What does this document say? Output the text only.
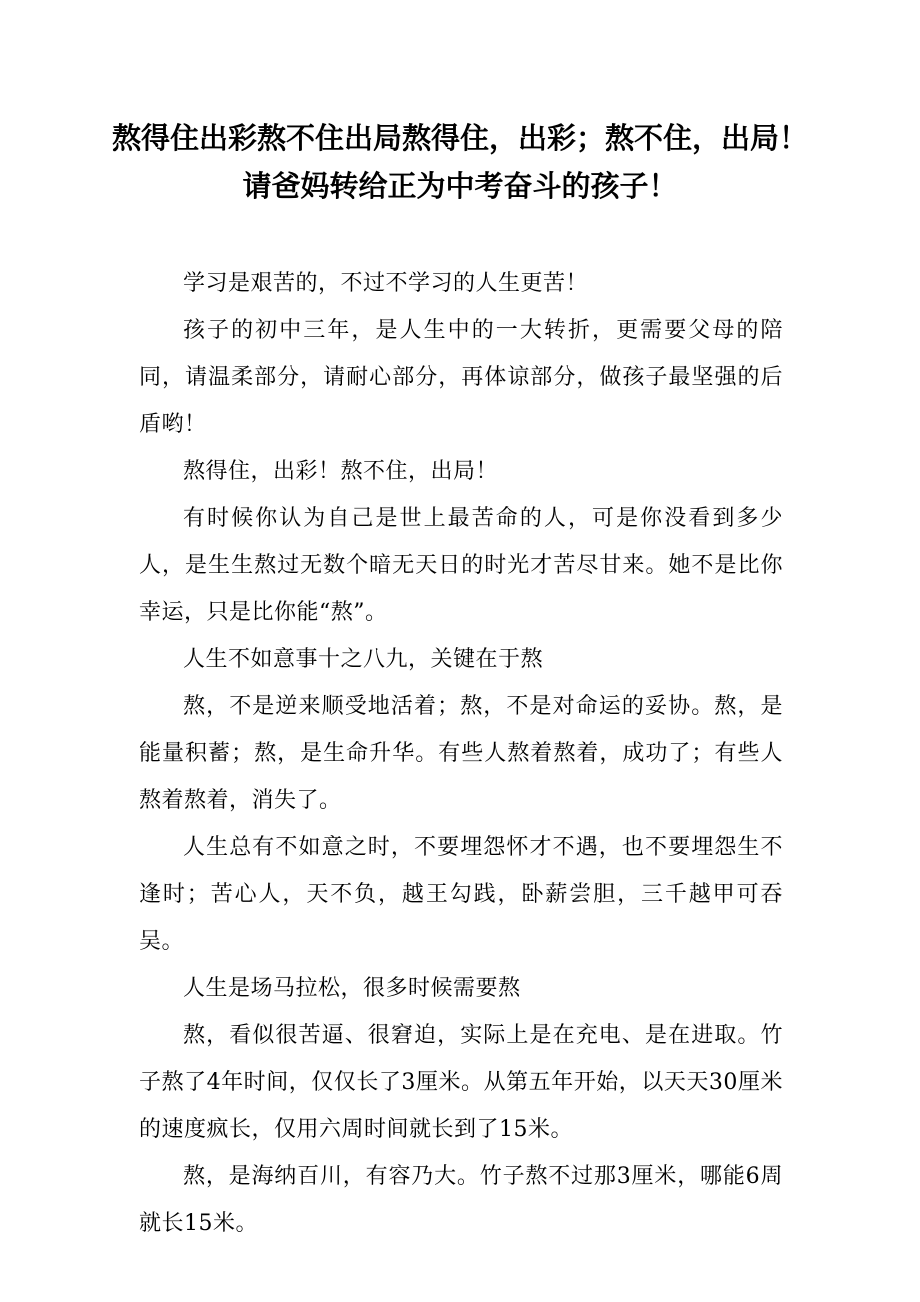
熬得住出彩熬不住出局熬得住，出彩；熬不住，出局！
请爸妈转给正为中考奋斗的孩子！

学习是艰苦的，不过不学习的人生更苦！

孩子的初中三年，是人生中的一大转折，更需要父母的陪同，请温柔部分，请耐心部分，再体谅部分，做孩子最坚强的后盾哟！

熬得住，出彩！熬不住，出局！

有时候你认为自己是世上最苦命的人，可是你没看到多少人，是生生熬过无数个暗无天日的时光才苦尽甘来。她不是比你幸运，只是比你能“熬”。

人生不如意事十之八九，关键在于熬

熬，不是逆来顺受地活着；熬，不是对命运的妥协。熬，是能量积蓄；熬，是生命升华。有些人熬着熬着，成功了；有些人熬着熬着，消失了。

人生总有不如意之时，不要埋怨怀才不遇，也不要埋怨生不逢时；苦心人，天不负，越王勾践，卧薪尝胆，三千越甲可吞吴。

人生是场马拉松，很多时候需要熬

熬，看似很苦逼、很窘迫，实际上是在充电、是在进取。竹子熬了4年时间，仅仅长了3厘米。从第五年开始，以天天30厘米的速度疯长，仅用六周时间就长到了15米。

熬，是海纳百川，有容乃大。竹子熬不过那3厘米，哪能6周就长15米。
